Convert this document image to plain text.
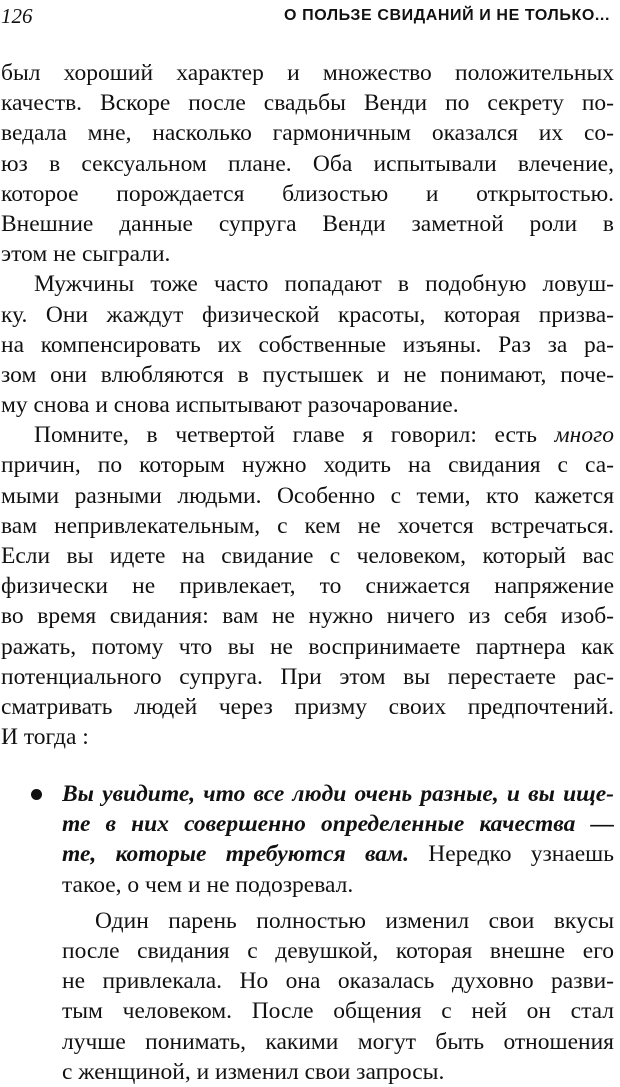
126	О ПОЛЬЗЕ СВИДАНИЙ И НЕ ТОЛЬКО...
был хороший характер и множество положительных
качеств. Вскоре после свадьбы Венди по секрету по-
ведала мне, насколько гармоничным оказался их со-
юз в сексуальном плане. Оба испытывали влечение,
которое порождается близостью и открытостью.
Внешние данные супруга Венди заметной роли в
этом не сыграли.
Мужчины тоже часто попадают в подобную ловуш-
ку. Они жаждут физической красоты, которая призва-
на компенсировать их собственные изъяны. Раз за ра-
зом они влюбляются в пустышек и не понимают, поче-
му снова и снова испытывают разочарование.
Помните, в четвертой главе я говорил: есть много
причин, по которым нужно ходить на свидания с са-
мыми разными людьми. Особенно с теми, кто кажется
вам непривлекательным, с кем не хочется встречаться.
Если вы идете на свидание с человеком, который вас
физически не привлекает, то снижается напряжение
во время свидания: вам не нужно ничего из себя изоб-
ражать, потому что вы не воспринимаете партнера как
потенциального супруга. При этом вы перестаете рас-
сматривать людей через призму своих предпочтений.
И тогда :
Вы увидите, что все люди очень разные, и вы ище-
те в них совершенно определенные качества —
те, которые требуются вам. Нередко узнаешь
такое, о чем и не подозревал.
Один парень полностью изменил свои вкусы
после свидания с девушкой, которая внешне его
не привлекала. Но она оказалась духовно разви-
тым человеком. После общения с ней он стал
лучше понимать, какими могут быть отношения
с женщиной, и изменил свои запросы.
